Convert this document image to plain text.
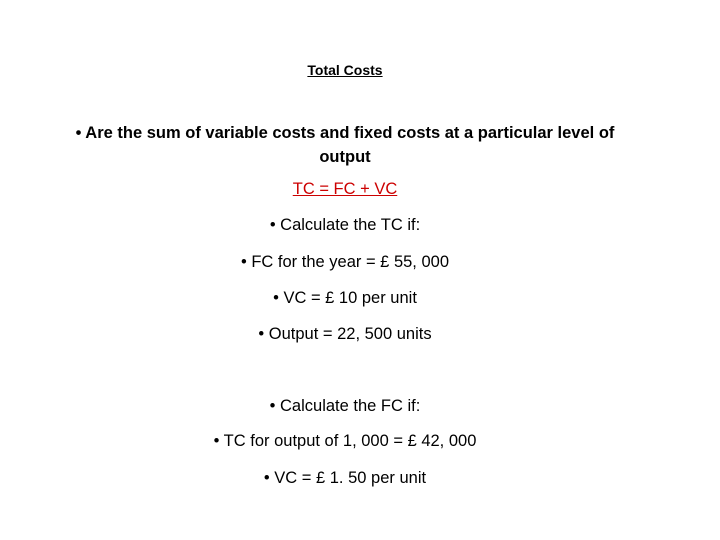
Total Costs
• Are the sum of variable costs and fixed costs at a particular level of output
TC = FC + VC
• Calculate the TC if:
• FC for the year = £ 55, 000
• VC = £ 10 per unit
• Output = 22, 500 units
• Calculate the FC if:
• TC for output of 1, 000 = £ 42, 000
• VC = £ 1. 50 per unit
